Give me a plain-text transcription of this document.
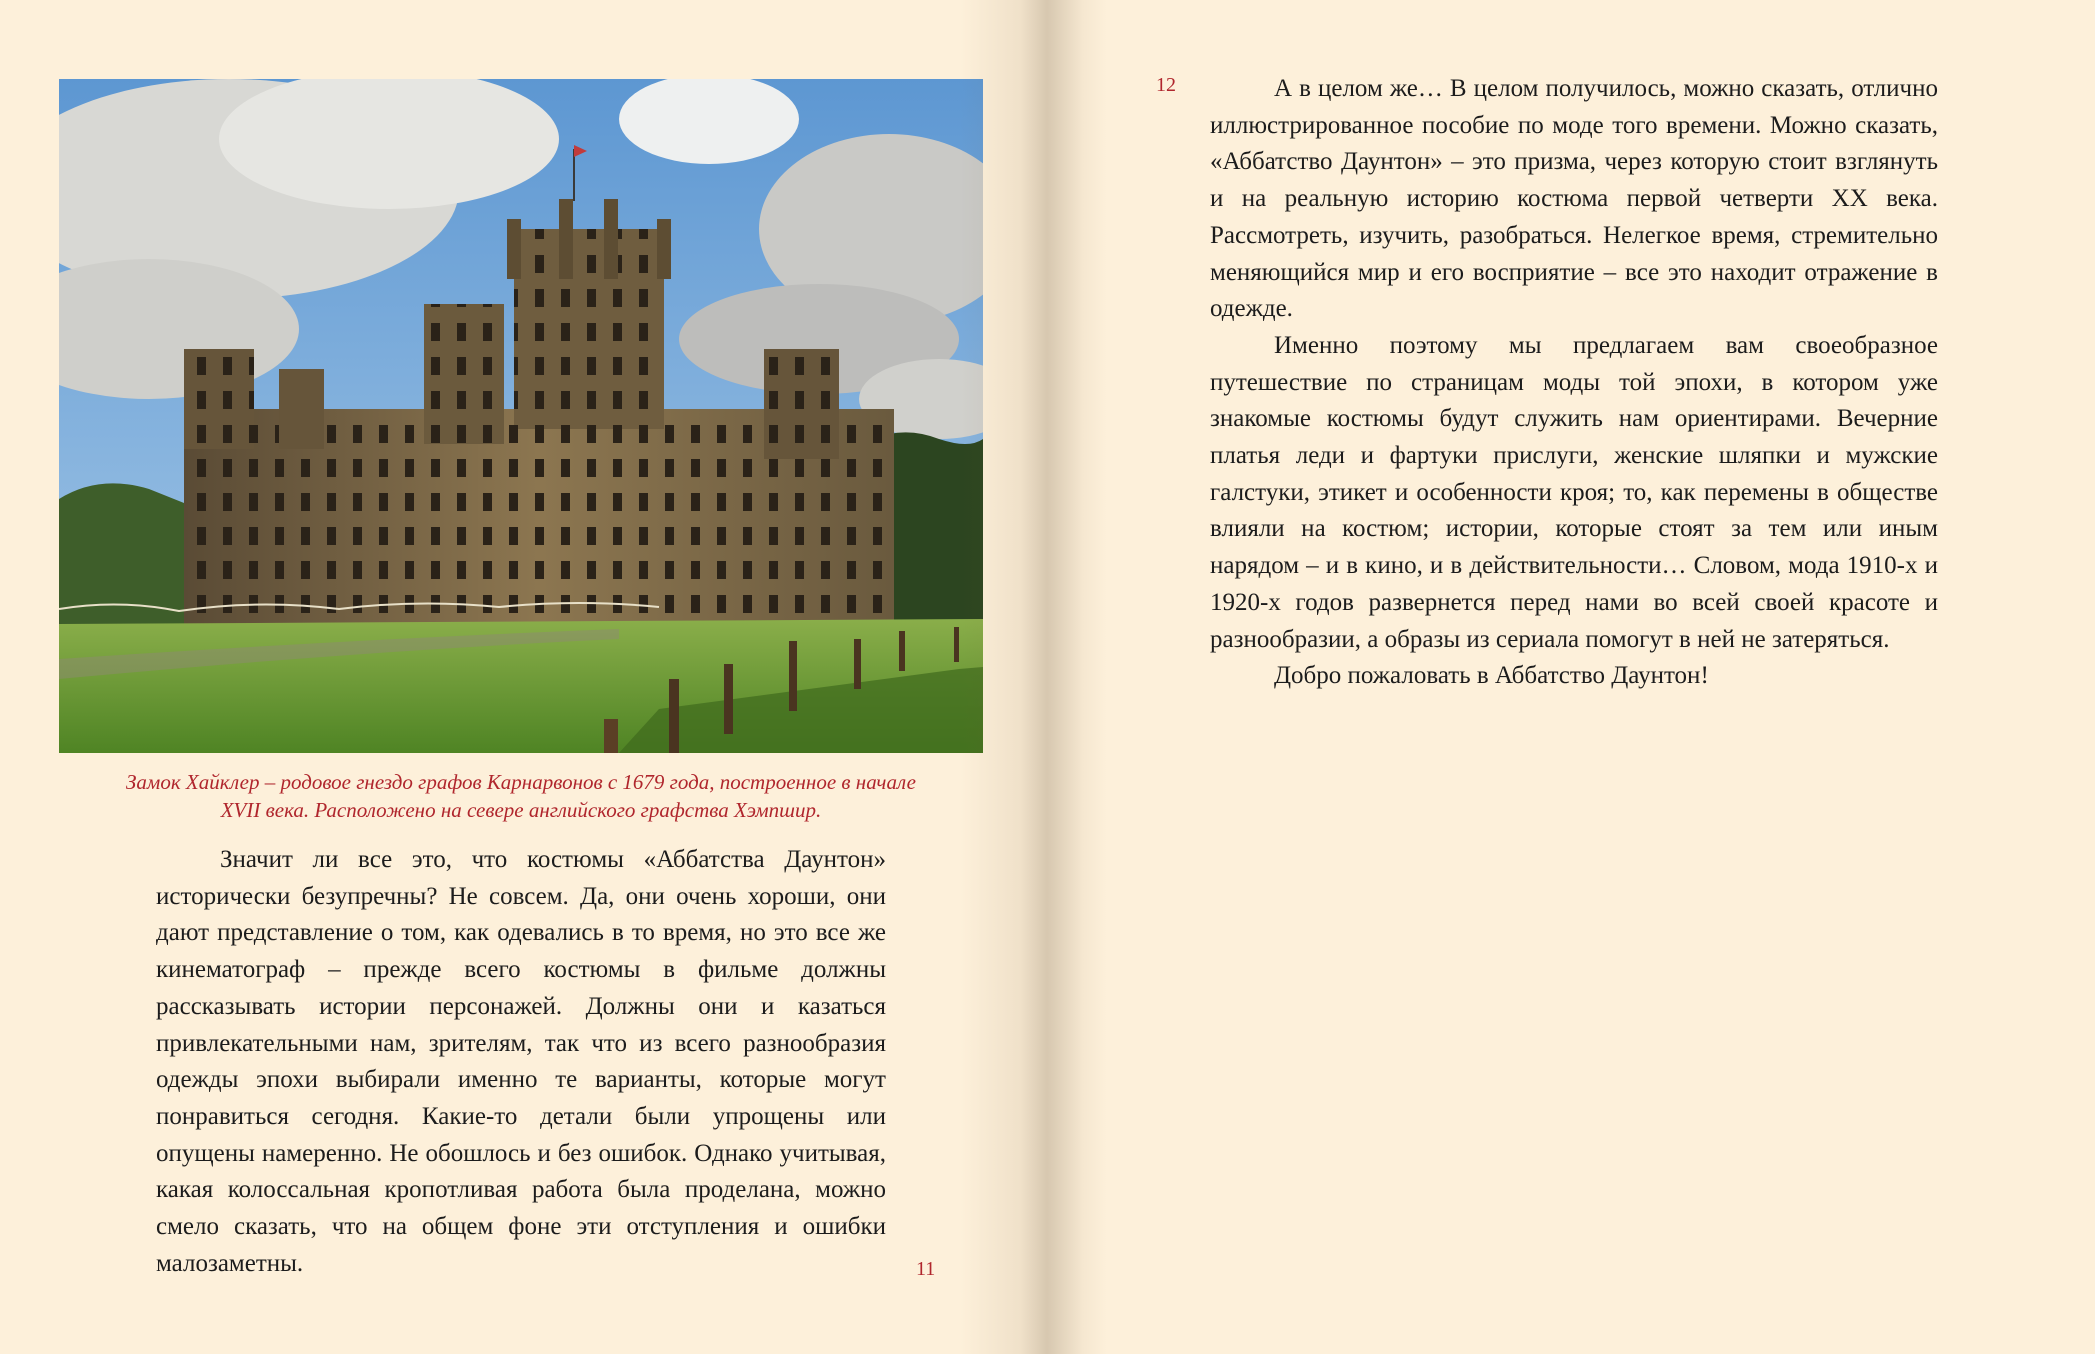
Замок Хайклер – родовое гнездо графов Карнарвонов с 1679 года, построенное в начале
XVII века. Расположено на севере английского графства Хэмпшир.

Значит ли все это, что костюмы «Аббатства Даунтон» исторически безупречны? Не совсем. Да, они очень хороши, они дают представление о том, как одевались в то время, но это все же кинематограф – прежде всего костюмы в фильме должны рассказывать истории персонажей. Должны они и казаться привлекательными нам, зрителям, так что из всего разнообразия одежды эпохи выбирали именно те варианты, которые могут понравиться сегодня. Какие-то детали были упрощены или опущены намеренно. Не обошлось и без ошибок. Однако учитывая, какая колоссальная кропотливая работа была проделана, можно смело сказать, что на общем фоне эти отступления и ошибки малозаметны.	11
12	А в целом же… В целом получилось, можно сказать, отлично иллюстрированное пособие по моде того времени. Можно сказать, «Аббатство Даунтон» – это призма, через которую стоит взглянуть и на реальную историю костюма первой четверти XX века. Рассмотреть, изучить, разобраться. Нелегкое время, стремительно меняющийся мир и его восприятие – все это находит отражение в одежде.

Именно поэтому мы предлагаем вам своеобразное путешествие по страницам моды той эпохи, в котором уже знакомые костюмы будут служить нам ориентирами. Вечерние платья леди и фартуки прислуги, женские шляпки и мужские галстуки, этикет и особенности кроя; то, как перемены в обществе влияли на костюм; истории, которые стоят за тем или иным нарядом – и в кино, и в действительности… Словом, мода 1910-х и 1920-х годов развернется перед нами во всей своей красоте и разнообразии, а образы из сериала помогут в ней не затеряться.

Добро пожаловать в Аббатство Даунтон!
